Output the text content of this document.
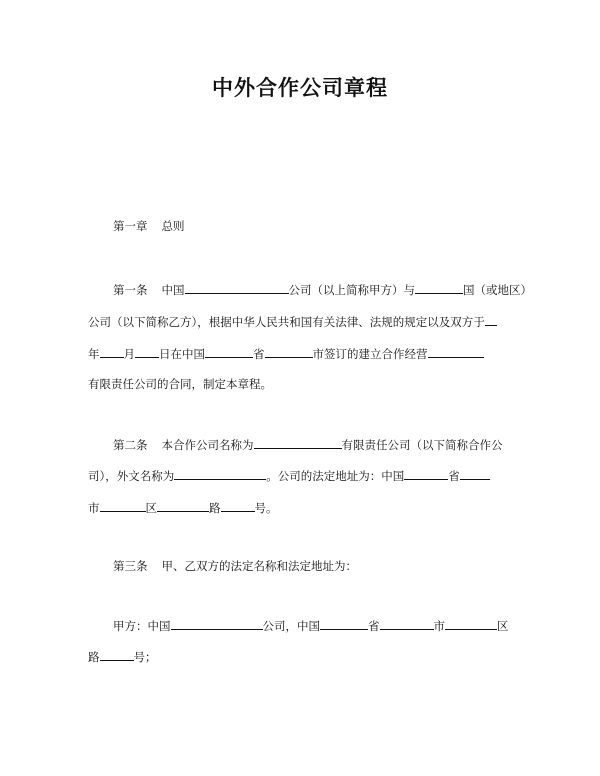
中外合作公司章程

第一章 总则

第一条 中国	公司（以上简称甲方）与	国（或地区）

公司（以下简称乙方），根据中华人民共和国有关法律、法规的规定以及双方于

年 月 日在中国	省	市签订的建立合作经营

有限责任公司的合同，制定本章程。

第二条 本合作公司名称为	有限责任公司（以下简称合作公

司），外文名称为	。公司的法定地址为：中国	省

市	区	路	号。

第三条 甲、乙双方的法定名称和法定地址为：

甲方：中国	公司，中国	省	市	区

路	号；
